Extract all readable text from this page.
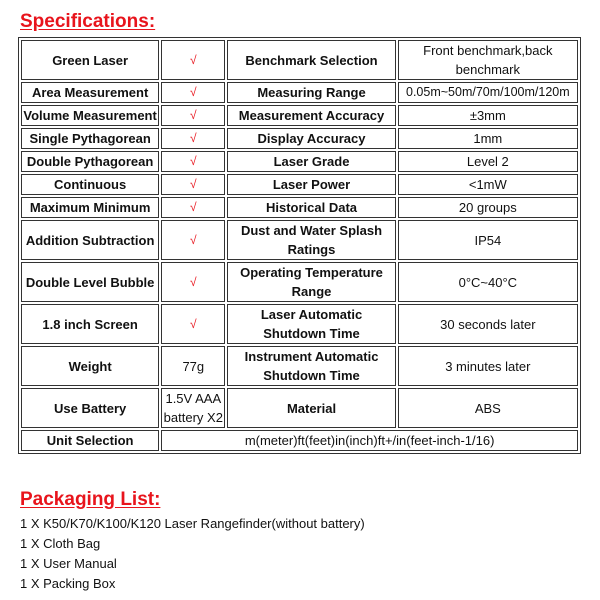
Specifications:
Green Laser	√	Benchmark Selection	Front benchmark,back benchmark
Area Measurement	√	Measuring Range	0.05m~50m/70m/100m/120m
Volume Measurement	√	Measurement Accuracy	±3mm
Single Pythagorean	√	Display Accuracy	1mm
Double Pythagorean	√	Laser Grade	Level 2
Continuous	√	Laser Power	<1mW
Maximum Minimum	√	Historical Data	20 groups
Addition Subtraction	√	Dust and Water Splash Ratings	IP54
Double Level Bubble	√	Operating Temperature Range	0°C~40°C
1.8 inch Screen	√	Laser Automatic Shutdown Time	30 seconds later
Weight	77g	Instrument Automatic Shutdown Time	3 minutes later
Use Battery	1.5V AAA battery X2	Material	ABS
Unit Selection	m(meter)ft(feet)in(inch)ft+/in(feet-inch-1/16)		
Packaging List:
1 X K50/K70/K100/K120 Laser Rangefinder(without battery)
1 X Cloth Bag
1 X User Manual
1 X Packing Box
